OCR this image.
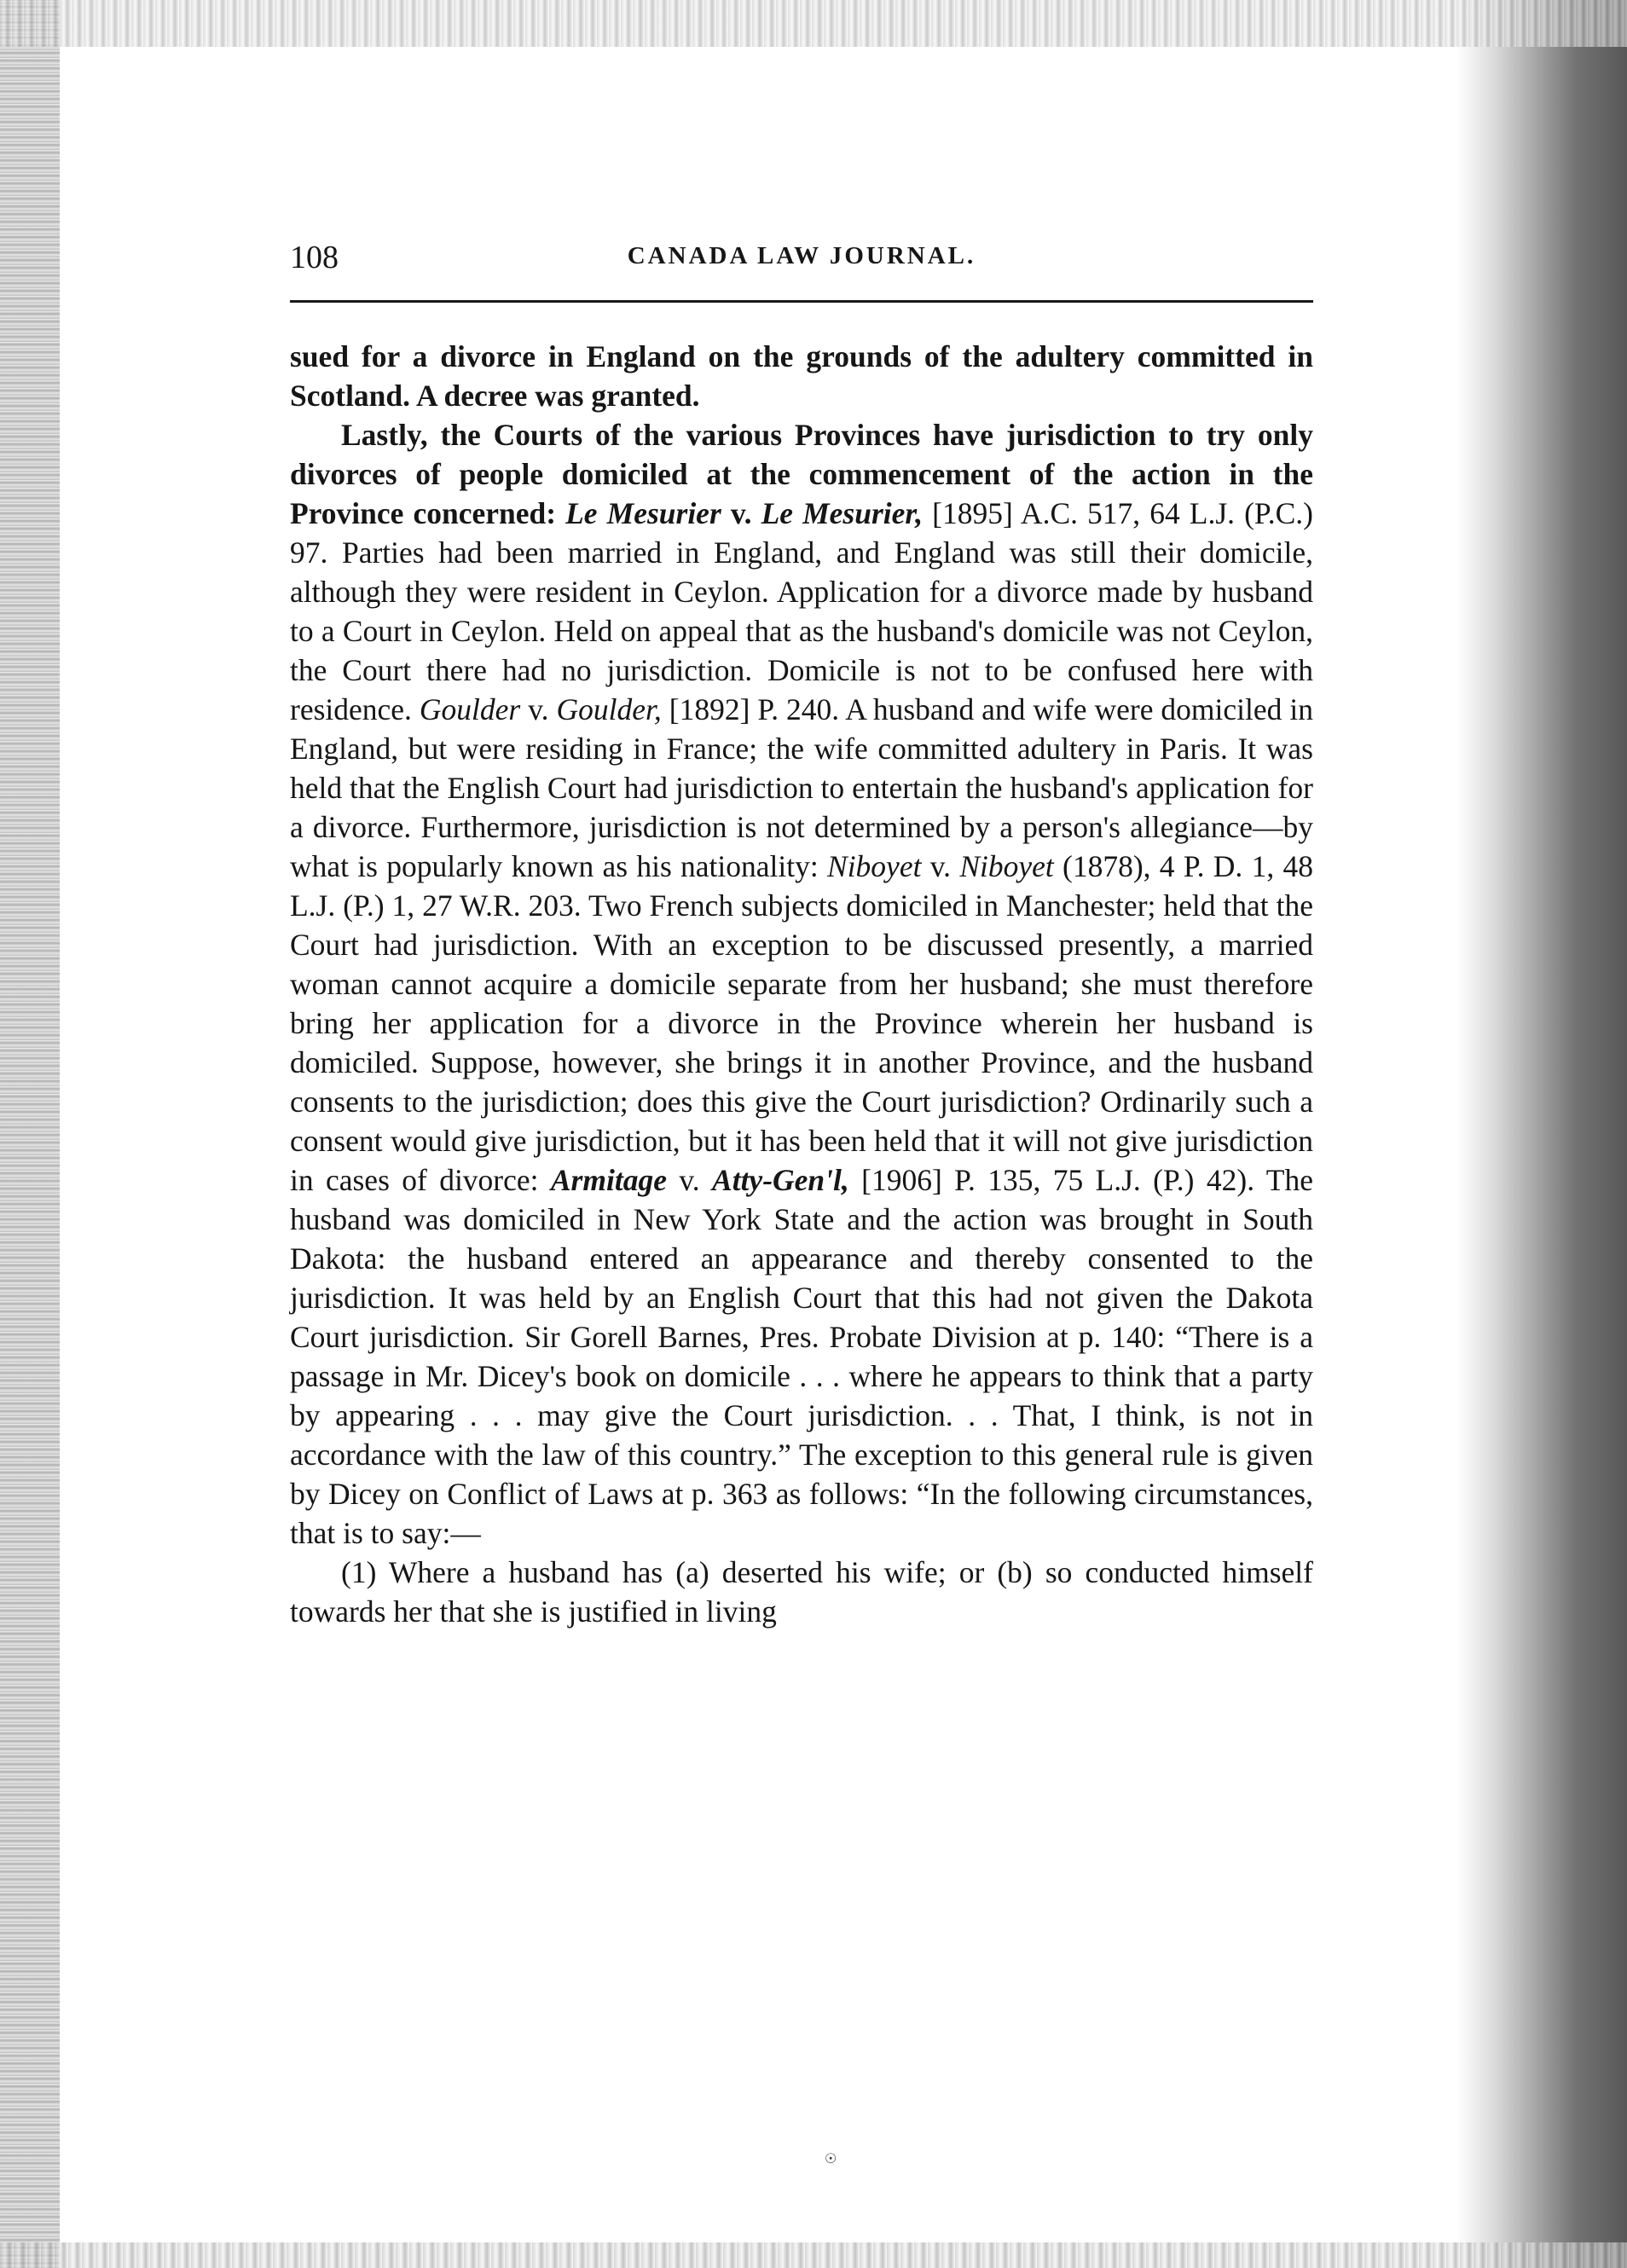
108	CANADA LAW JOURNAL.

sued for a divorce in England on the grounds of the adultery committed in Scotland. A decree was granted.

Lastly, the Courts of the various Provinces have jurisdiction to try only divorces of people domiciled at the commencement of the action in the Province concerned: Le Mesurier v. Le Mesurier, [1895] A.C. 517, 64 L.J. (P.C.) 97. Parties had been married in England, and England was still their domicile, although they were resident in Ceylon. Application for a divorce made by husband to a Court in Ceylon. Held on appeal that as the husband's domicile was not Ceylon, the Court there had no jurisdiction. Domicile is not to be confused here with residence. Goulder v. Goulder, [1892] P. 240. A husband and wife were domiciled in England, but were residing in France; the wife committed adultery in Paris. It was held that the English Court had jurisdiction to entertain the husband's application for a divorce. Furthermore, jurisdiction is not determined by a person's allegiance—by what is popularly known as his nationality: Niboyet v. Niboyet (1878), 4 P. D. 1, 48 L.J. (P.) 1, 27 W.R. 203. Two French subjects domiciled in Manchester; held that the Court had jurisdiction. With an exception to be discussed presently, a married woman cannot acquire a domicile separate from her husband; she must therefore bring her application for a divorce in the Province wherein her husband is domiciled. Suppose, however, she brings it in another Province, and the husband consents to the jurisdiction; does this give the Court jurisdiction? Ordinarily such a consent would give jurisdiction, but it has been held that it will not give jurisdiction in cases of divorce: Armitage v. Atty-Gen'l, [1906] P. 135, 75 L.J. (P.) 42). The husband was domiciled in New York State and the action was brought in South Dakota: the husband entered an appearance and thereby consented to the jurisdiction. It was held by an English Court that this had not given the Dakota Court jurisdiction. Sir Gorell Barnes, Pres. Probate Division at p. 140: “There is a passage in Mr. Dicey's book on domicile . . . where he appears to think that a party by appearing . . . may give the Court jurisdiction. . . That, I think, is not in accordance with the law of this country.” The exception to this general rule is given by Dicey on Conflict of Laws at p. 363 as follows: “In the following circumstances, that is to say:—

(1) Where a husband has (a) deserted his wife; or (b) so conducted himself towards her that she is justified in living

☉
